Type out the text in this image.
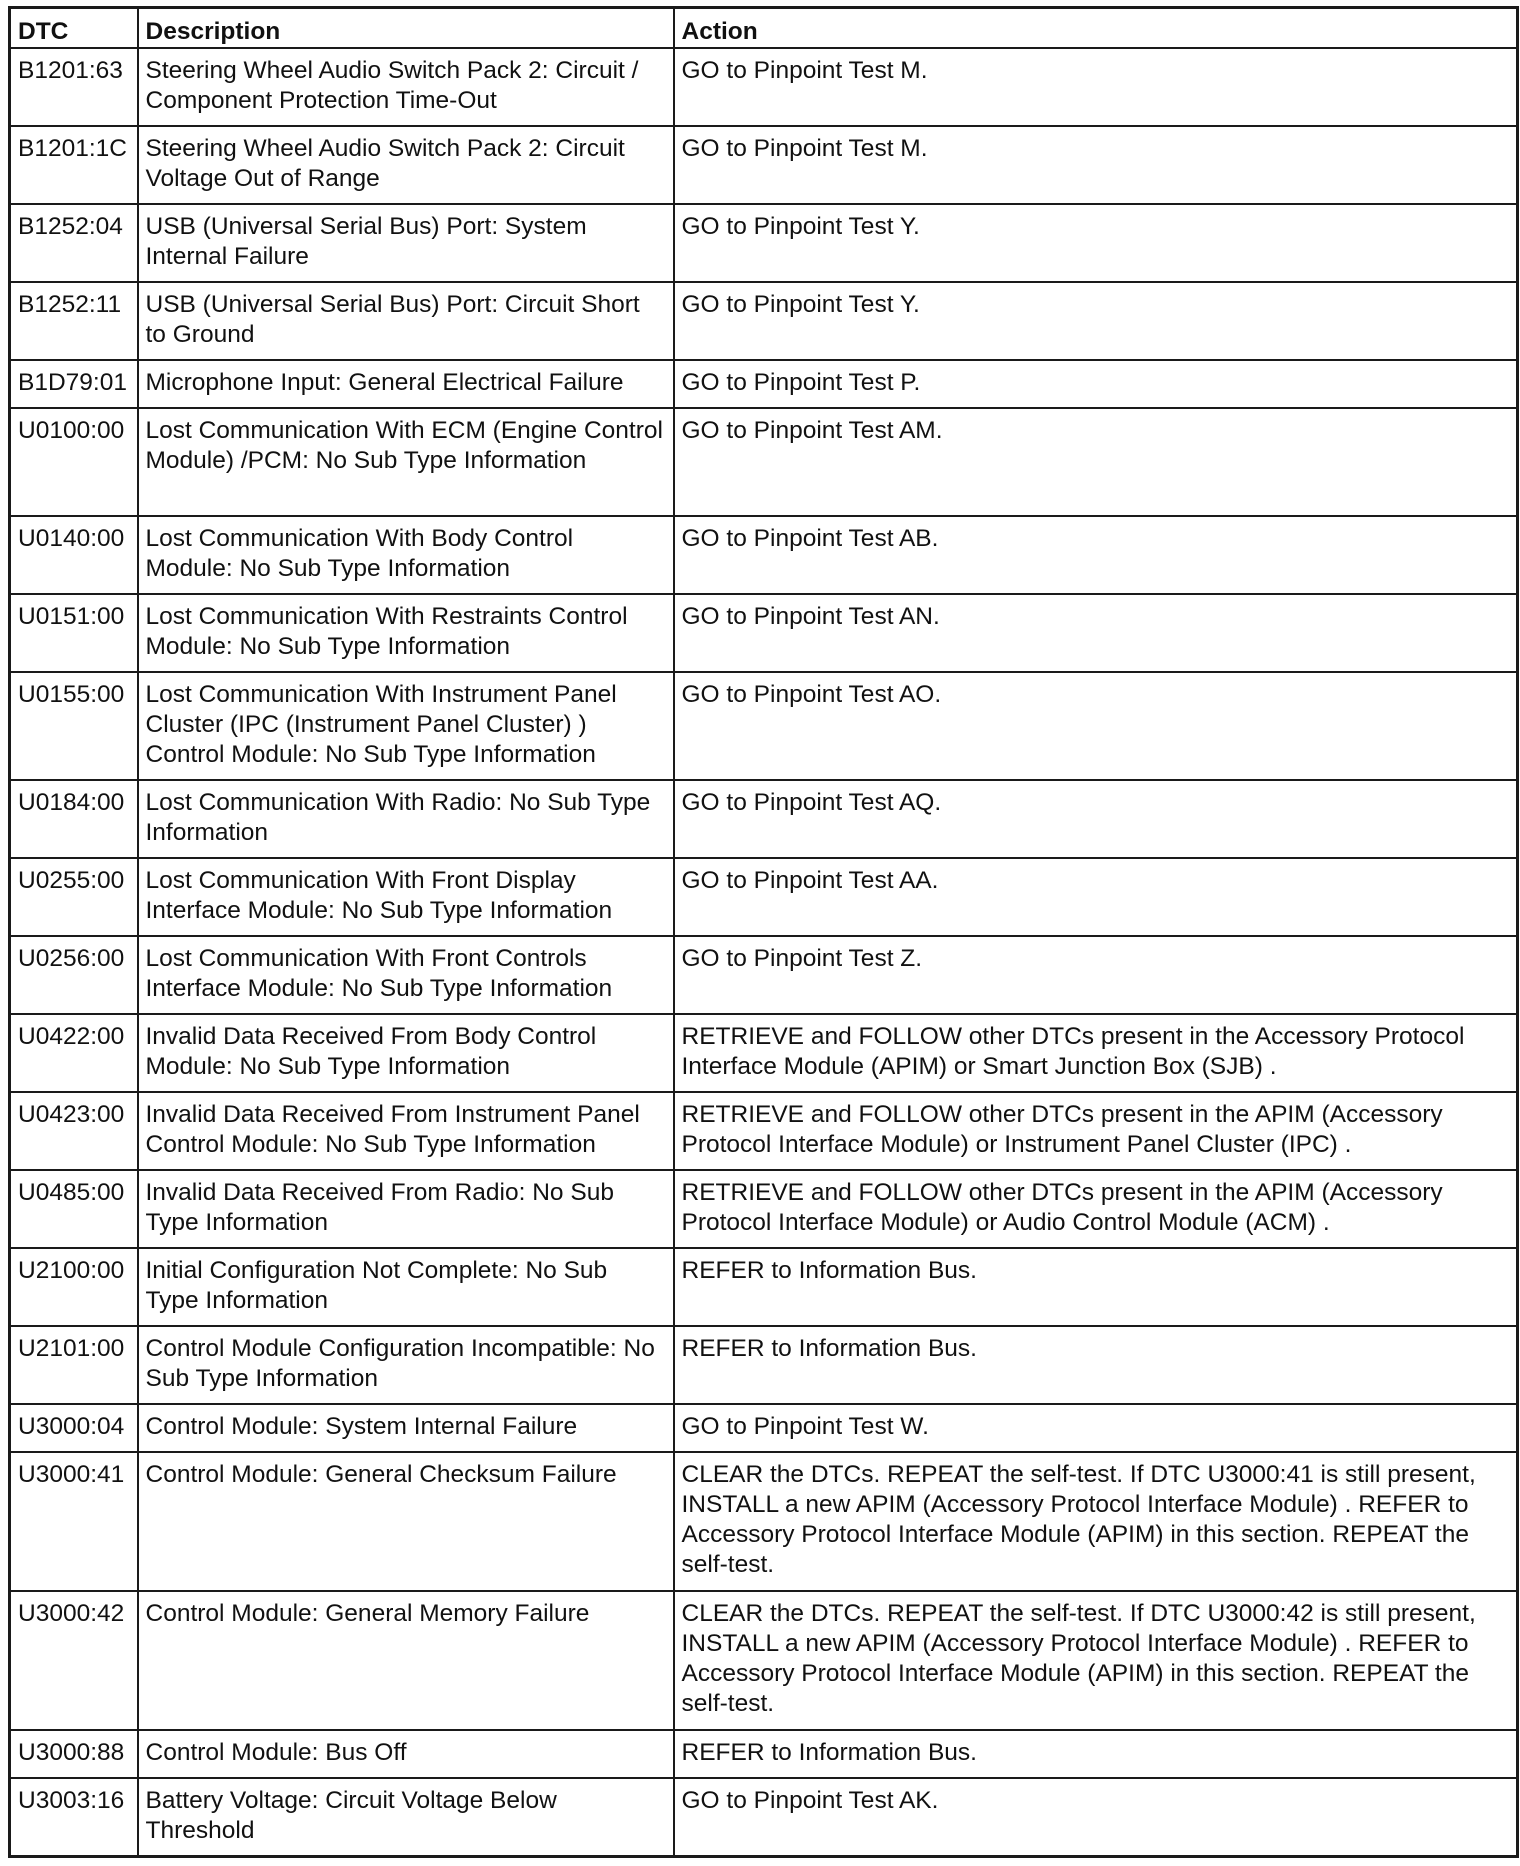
DTC	Description	Action
B1201:63	Steering Wheel Audio Switch Pack 2: Circuit / Component Protection Time-Out	GO to Pinpoint Test M.
B1201:1C	Steering Wheel Audio Switch Pack 2: Circuit Voltage Out of Range	GO to Pinpoint Test M.
B1252:04	USB (Universal Serial Bus) Port: System Internal Failure	GO to Pinpoint Test Y.
B1252:11	USB (Universal Serial Bus) Port: Circuit Short to Ground	GO to Pinpoint Test Y.
B1D79:01	Microphone Input: General Electrical Failure	GO to Pinpoint Test P.
U0100:00	Lost Communication With ECM (Engine Control Module) /PCM: No Sub Type Information	GO to Pinpoint Test AM.
U0140:00	Lost Communication With Body Control Module: No Sub Type Information	GO to Pinpoint Test AB.
U0151:00	Lost Communication With Restraints Control Module: No Sub Type Information	GO to Pinpoint Test AN.
U0155:00	Lost Communication With Instrument Panel Cluster (IPC (Instrument Panel Cluster) ) Control Module: No Sub Type Information	GO to Pinpoint Test AO.
U0184:00	Lost Communication With Radio: No Sub Type Information	GO to Pinpoint Test AQ.
U0255:00	Lost Communication With Front Display Interface Module: No Sub Type Information	GO to Pinpoint Test AA.
U0256:00	Lost Communication With Front Controls Interface Module: No Sub Type Information	GO to Pinpoint Test Z.
U0422:00	Invalid Data Received From Body Control Module: No Sub Type Information	RETRIEVE and FOLLOW other DTCs present in the Accessory Protocol Interface Module (APIM) or Smart Junction Box (SJB) .
U0423:00	Invalid Data Received From Instrument Panel Control Module: No Sub Type Information	RETRIEVE and FOLLOW other DTCs present in the APIM (Accessory Protocol Interface Module) or Instrument Panel Cluster (IPC) .
U0485:00	Invalid Data Received From Radio: No Sub Type Information	RETRIEVE and FOLLOW other DTCs present in the APIM (Accessory Protocol Interface Module) or Audio Control Module (ACM) .
U2100:00	Initial Configuration Not Complete: No Sub Type Information	REFER to Information Bus.
U2101:00	Control Module Configuration Incompatible: No Sub Type Information	REFER to Information Bus.
U3000:04	Control Module: System Internal Failure	GO to Pinpoint Test W.
U3000:41	Control Module: General Checksum Failure	CLEAR the DTCs. REPEAT the self-test. If DTC U3000:41 is still present, INSTALL a new APIM (Accessory Protocol Interface Module) . REFER to Accessory Protocol Interface Module (APIM) in this section. REPEAT the self-test.
U3000:42	Control Module: General Memory Failure	CLEAR the DTCs. REPEAT the self-test. If DTC U3000:42 is still present, INSTALL a new APIM (Accessory Protocol Interface Module) . REFER to Accessory Protocol Interface Module (APIM) in this section. REPEAT the self-test.
U3000:88	Control Module: Bus Off	REFER to Information Bus.
U3003:16	Battery Voltage: Circuit Voltage Below Threshold	GO to Pinpoint Test AK.
